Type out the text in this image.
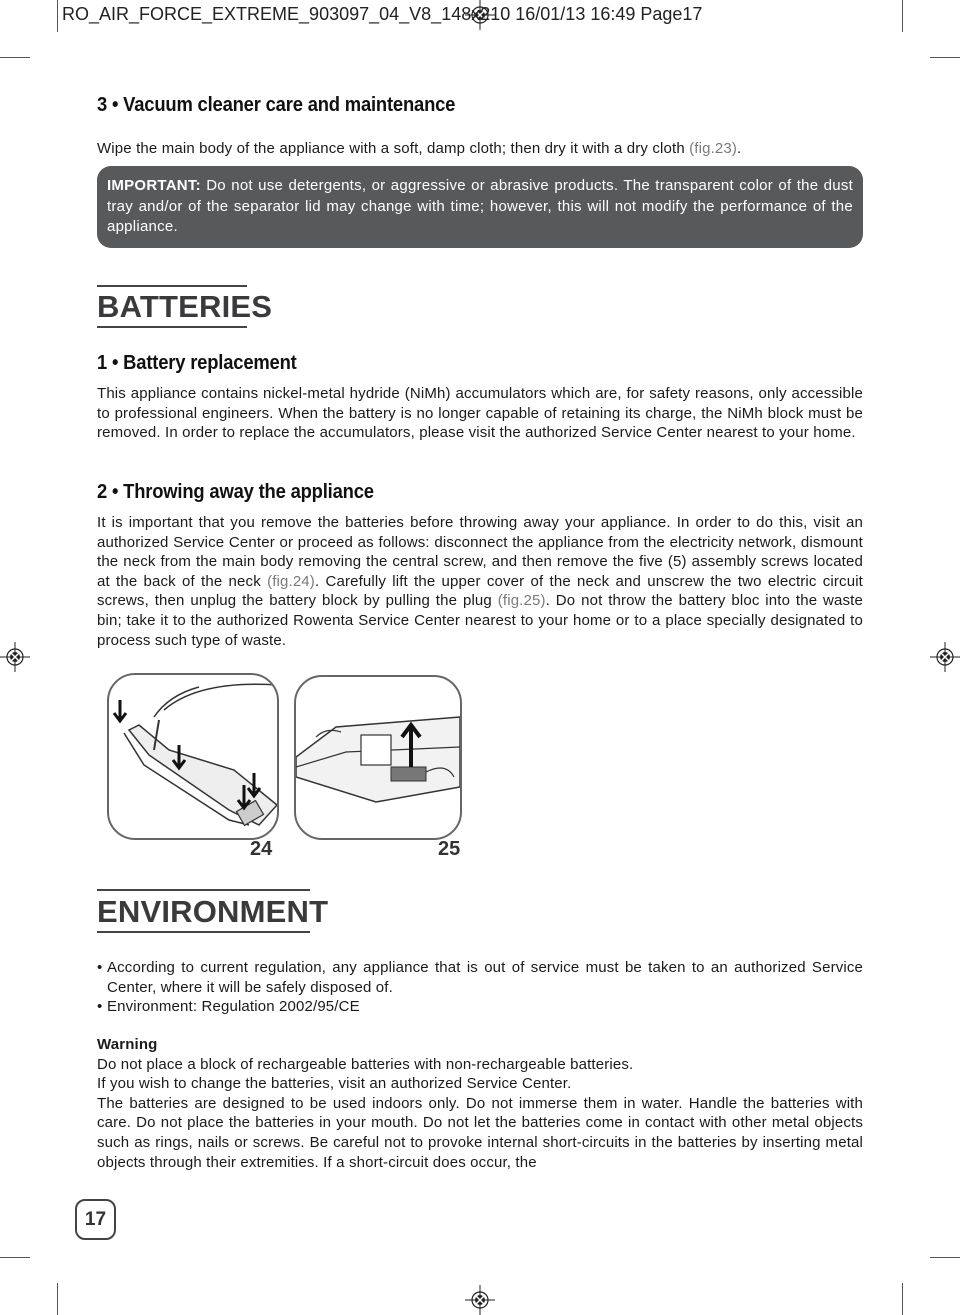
RO_AIR_FORCE_EXTREME_903097_04_V8_148x210 16/01/13 16:49 Page17
3 • Vacuum cleaner care and maintenance
Wipe the main body of the appliance with a soft, damp cloth; then dry it with a dry cloth (fig.23).
IMPORTANT: Do not use detergents, or aggressive or abrasive products. The transparent color of the dust tray and/or of the separator lid may change with time; however, this will not modify the performance of the appliance.
BATTERIES
1 • Battery replacement
This appliance contains nickel-metal hydride (NiMh) accumulators which are, for safety reasons, only accessible to professional engineers. When the battery is no longer capable of retaining its charge, the NiMh block must be removed. In order to replace the accumulators, please visit the authorized Service Center nearest to your home.
2 • Throwing away the appliance
It is important that you remove the batteries before throwing away your appliance. In order to do this, visit an authorized Service Center or proceed as follows: disconnect the appliance from the electricity network, dismount the neck from the main body removing the central screw, and then remove the five (5) assembly screws located at the back of the neck (fig.24). Carefully lift the upper cover of the neck and unscrew the two electric circuit screws, then unplug the battery block by pulling the plug (fig.25). Do not throw the battery bloc into the waste bin; take it to the authorized Rowenta Service Center nearest to your home or to a place specially designated to process such type of waste.
24	25
ENVIRONMENT
• According to current regulation, any appliance that is out of service must be taken to an authorized Service Center, where it will be safely disposed of.
• Environment: Regulation 2002/95/CE
Warning
Do not place a block of rechargeable batteries with non-rechargeable batteries.
If you wish to change the batteries, visit an authorized Service Center.
The batteries are designed to be used indoors only. Do not immerse them in water. Handle the batteries with care. Do not place the batteries in your mouth. Do not let the batteries come in contact with other metal objects such as rings, nails or screws. Be careful not to provoke internal short-circuits in the batteries by inserting metal objects through their extremities. If a short-circuit does occur, the
17
